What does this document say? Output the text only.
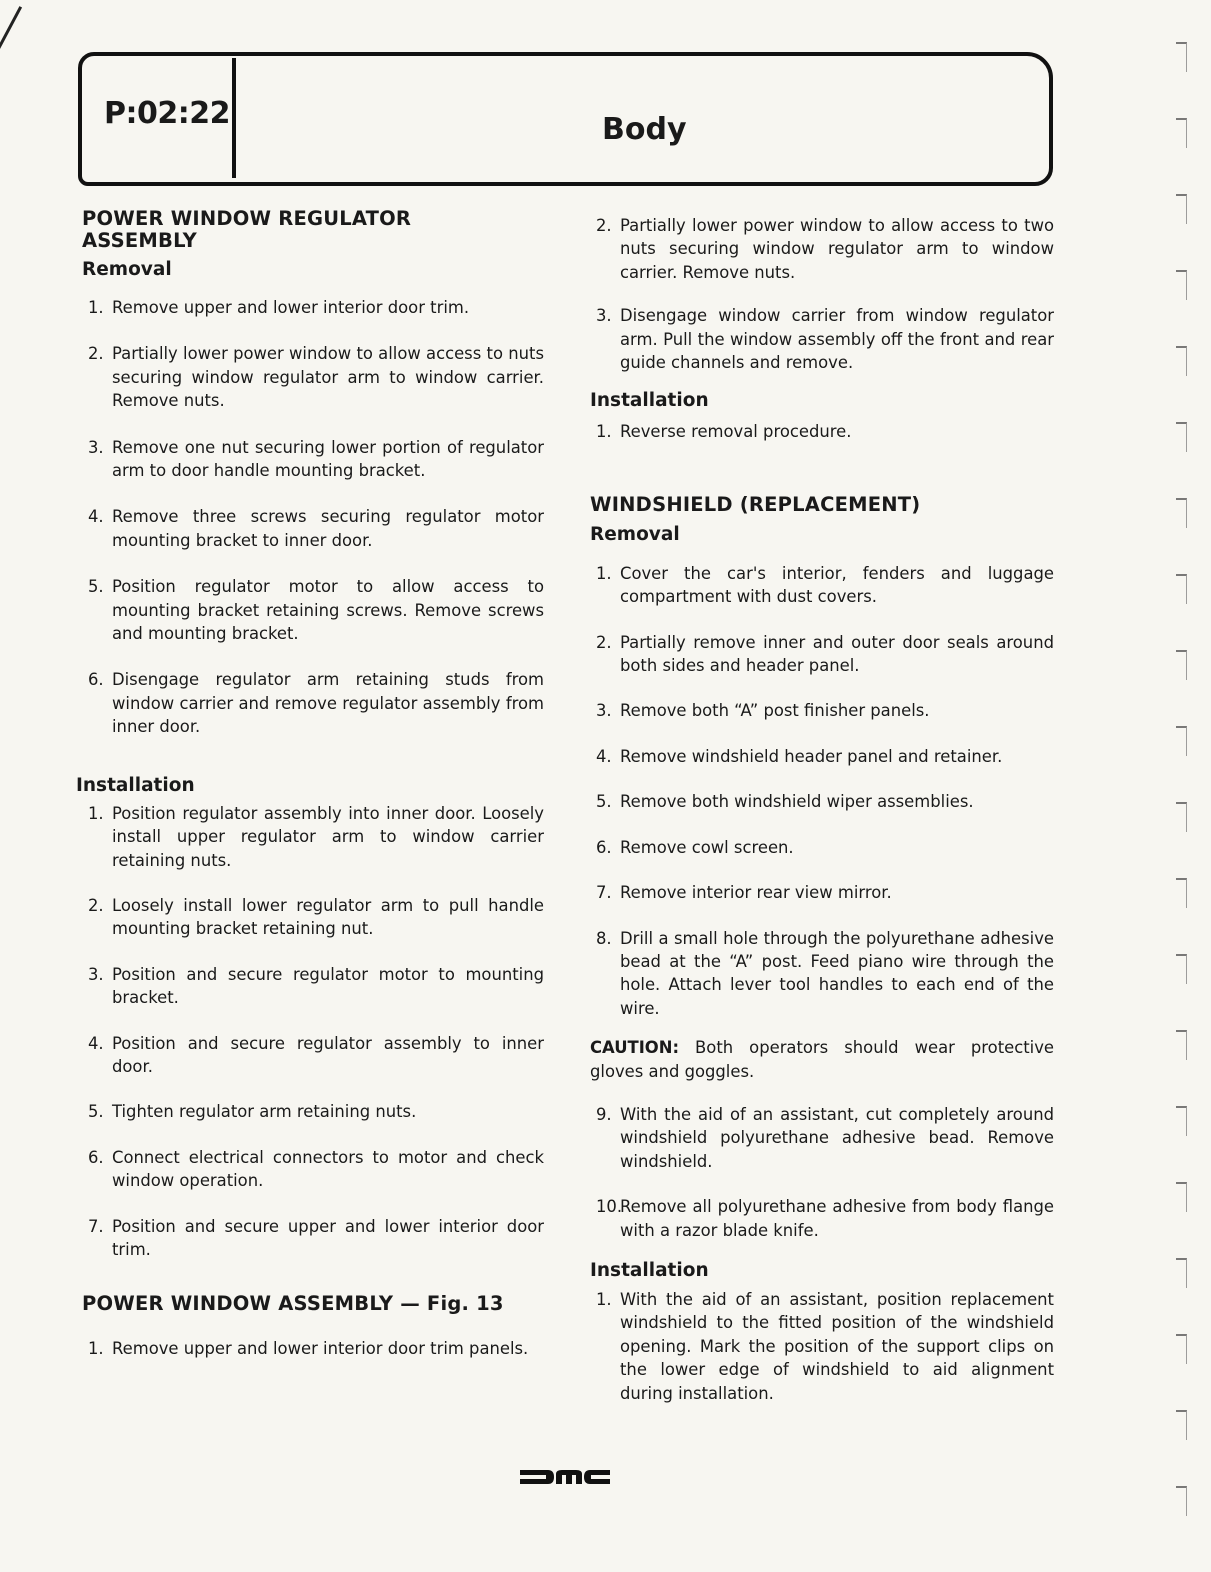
P:02:22	Body
POWER WINDOW REGULATOR
ASSEMBLY
Removal
1. Remove upper and lower interior door trim.
2. Partially lower power window to allow access to nuts securing window regulator arm to window carrier. Remove nuts.
3. Remove one nut securing lower portion of regulator arm to door handle mounting bracket.
4. Remove three screws securing regulator motor mounting bracket to inner door.
5. Position regulator motor to allow access to mounting bracket retaining screws. Remove screws and mounting bracket.
6. Disengage regulator arm retaining studs from window carrier and remove regulator assembly from inner door.
Installation
1. Position regulator assembly into inner door. Loosely install upper regulator arm to window carrier retaining nuts.
2. Loosely install lower regulator arm to pull handle mounting bracket retaining nut.
3. Position and secure regulator motor to mounting bracket.
4. Position and secure regulator assembly to inner door.
5. Tighten regulator arm retaining nuts.
6. Connect electrical connectors to motor and check window operation.
7. Position and secure upper and lower interior door trim.
POWER WINDOW ASSEMBLY — Fig. 13
1. Remove upper and lower interior door trim panels.
2. Partially lower power window to allow access to two nuts securing window regulator arm to window carrier. Remove nuts.
3. Disengage window carrier from window regulator arm. Pull the window assembly off the front and rear guide channels and remove.
Installation
1. Reverse removal procedure.
WINDSHIELD (REPLACEMENT)
Removal
1. Cover the car's interior, fenders and luggage compartment with dust covers.
2. Partially remove inner and outer door seals around both sides and header panel.
3. Remove both “A” post finisher panels.
4. Remove windshield header panel and retainer.
5. Remove both windshield wiper assemblies.
6. Remove cowl screen.
7. Remove interior rear view mirror.
8. Drill a small hole through the polyurethane adhesive bead at the “A” post. Feed piano wire through the hole. Attach lever tool handles to each end of the wire.
CAUTION: Both operators should wear protective gloves and goggles.
9. With the aid of an assistant, cut completely around windshield polyurethane adhesive bead. Remove windshield.
10.
Remove all polyurethane adhesive from body flange with a razor blade knife.
Installation
1. With the aid of an assistant, position replacement windshield to the fitted position of the windshield opening. Mark the position of the support clips on the lower edge of windshield to aid alignment during installation.
